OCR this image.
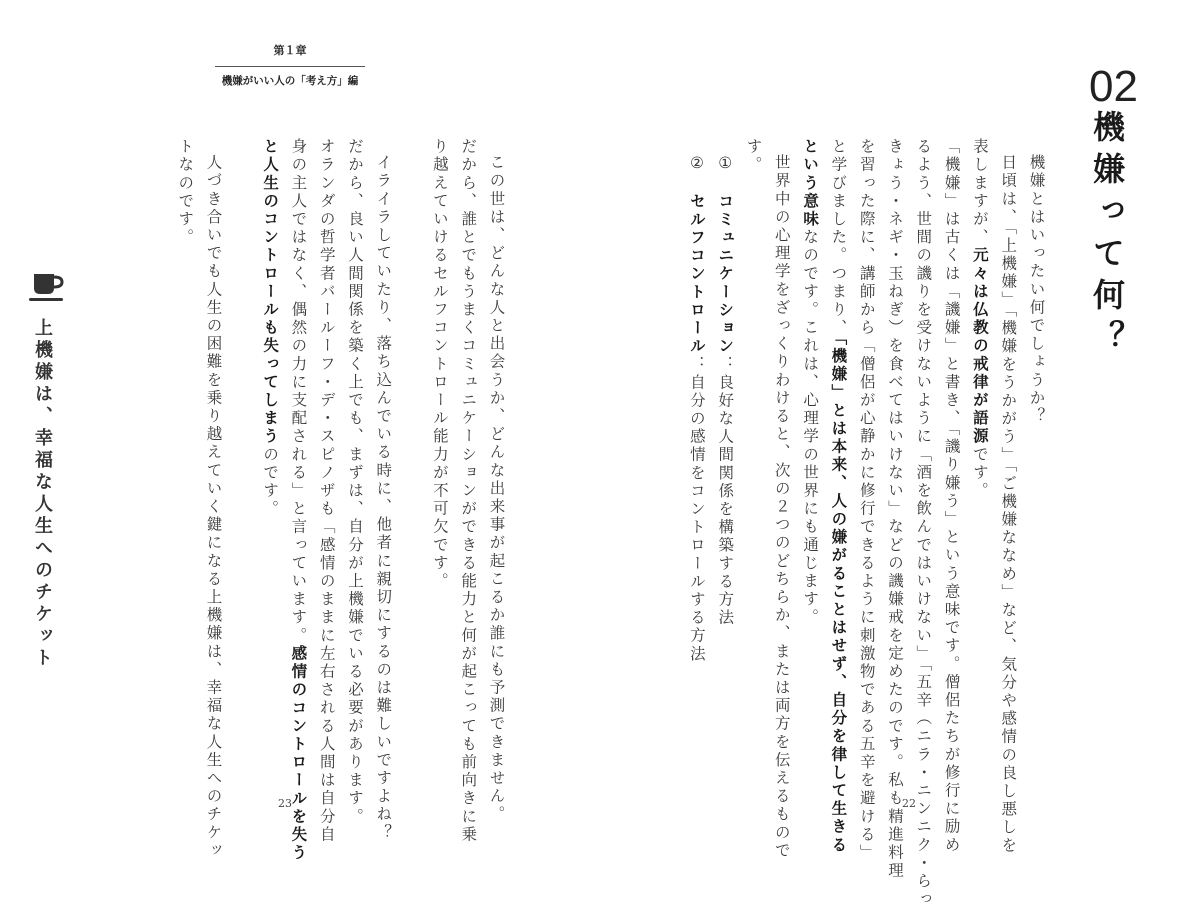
第１章
機嫌がいい人の「考え方」編	02
機嫌って何？
機嫌とはいったい何でしょうか？
日頃は、「上機嫌」「機嫌をうかがう」「ご機嫌ななめ」など、気分や感情の良し悪しを
表しますが、元々は仏教の戒律が語源です。
「機嫌」は古くは「譏嫌」と書き、「譏り嫌う」という意味です。僧侶たちが修行に励め
るよう、世間の譏りを受けないように「酒を飲んではいけない」「五辛（ニラ・ニンニク・らっ
きょう・ネギ・玉ねぎ）を食べてはいけない」などの譏嫌戒を定めたのです。私も精進料理
を習った際に、講師から「僧侶が心静かに修行できるように刺激物である五辛を避ける」
と学びました。つまり、「機嫌」とは本来、人の嫌がることはせず、自分を律して生きる
という意味なのです。これは、心理学の世界にも通じます。
世界中の心理学をざっくりわけると、次の２つのどちらか、または両方を伝えるもので
す。
①　コミュニケーション：良好な人間関係を構築する方法
②　セルフコントロール：自分の感情をコントロールする方法
この世は、どんな人と出会うか、どんな出来事が起こるか誰にも予測できません。
だから、誰とでもうまくコミュニケーションができる能力と何が起こっても前向きに乗
り越えていけるセルフコントロール能力が不可欠です。
イライラしていたり、落ち込んでいる時に、他者に親切にするのは難しいですよね？
だから、良い人間関係を築く上でも、まずは、自分が上機嫌でいる必要があります。
オランダの哲学者バールーフ・デ・スピノザも「感情のままに左右される人間は自分自
身の主人ではなく、偶然の力に支配される」と言っています。感情のコントロールを失う
と人生のコントロールも失ってしまうのです。
人づき合いでも人生の困難を乗り越えていく鍵になる上機嫌は、幸福な人生へのチケッ
トなのです。
上機嫌は、幸福な人生へのチケット
23	22
